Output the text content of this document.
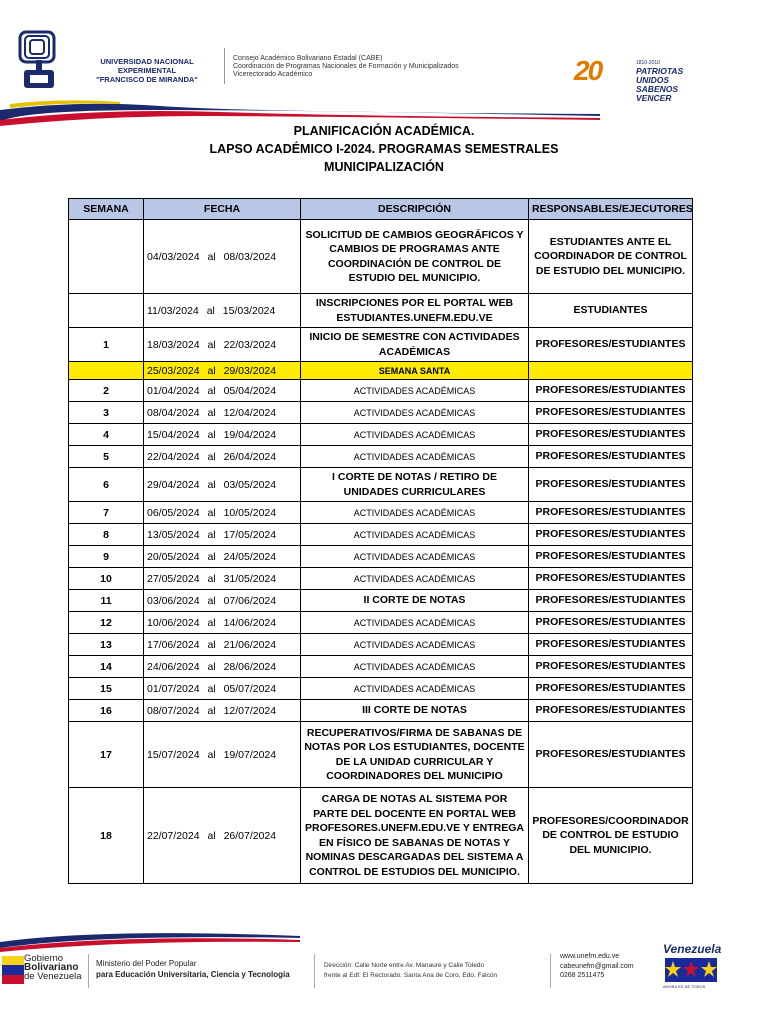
UNIVERSIDAD NACIONAL EXPERIMENTAL
"FRANCISCO DE MIRANDA"
Consejo Académico Bolivariano Estadal (CABE)
Coordinación de Programas Nacionales de Formación y Municipalizados
Vicerectorado Académico	20	1810-2010
PATRIOTAS UNIDOS
SABENOS VENCER
PLANIFICACIÓN ACADÉMICA.
LAPSO ACADÉMICO I-2024. PROGRAMAS SEMESTRALES
MUNICIPALIZACIÓN
SEMANA	FECHA	DESCRIPCIÓN	RESPONSABLES/EJECUTORES
	04/03/2024 al 08/03/2024	SOLICITUD DE CAMBIOS GEOGRÁFICOS Y CAMBIOS DE PROGRAMAS ANTE COORDINACIÓN DE CONTROL DE ESTUDIO DEL MUNICIPIO.	ESTUDIANTES ANTE EL COORDINADOR DE CONTROL DE ESTUDIO DEL MUNICIPIO.
	11/03/2024 al 15/03/2024	INSCRIPCIONES POR EL PORTAL WEB ESTUDIANTES.UNEFM.EDU.VE	ESTUDIANTES
1	18/03/2024 al 22/03/2024	INICIO DE SEMESTRE CON ACTIVIDADES ACADÉMICAS	PROFESORES/ESTUDIANTES
	25/03/2024 al 29/03/2024	SEMANA SANTA	
2	01/04/2024 al 05/04/2024	ACTIVIDADES ACADÉMICAS	PROFESORES/ESTUDIANTES
3	08/04/2024 al 12/04/2024	ACTIVIDADES ACADÉMICAS	PROFESORES/ESTUDIANTES
4	15/04/2024 al 19/04/2024	ACTIVIDADES ACADÉMICAS	PROFESORES/ESTUDIANTES
5	22/04/2024 al 26/04/2024	ACTIVIDADES ACADÉMICAS	PROFESORES/ESTUDIANTES
6	29/04/2024 al 03/05/2024	I CORTE DE NOTAS / RETIRO DE UNIDADES CURRICULARES	PROFESORES/ESTUDIANTES
7	06/05/2024 al 10/05/2024	ACTIVIDADES ACADÉMICAS	PROFESORES/ESTUDIANTES
8	13/05/2024 al 17/05/2024	ACTIVIDADES ACADÉMICAS	PROFESORES/ESTUDIANTES
9	20/05/2024 al 24/05/2024	ACTIVIDADES ACADÉMICAS	PROFESORES/ESTUDIANTES
10	27/05/2024 al 31/05/2024	ACTIVIDADES ACADÉMICAS	PROFESORES/ESTUDIANTES
11	03/06/2024 al 07/06/2024	II CORTE DE NOTAS	PROFESORES/ESTUDIANTES
12	10/06/2024 al 14/06/2024	ACTIVIDADES ACADÉMICAS	PROFESORES/ESTUDIANTES
13	17/06/2024 al 21/06/2024	ACTIVIDADES ACADÉMICAS	PROFESORES/ESTUDIANTES
14	24/06/2024 al 28/06/2024	ACTIVIDADES ACADÉMICAS	PROFESORES/ESTUDIANTES
15	01/07/2024 al 05/07/2024	ACTIVIDADES ACADÉMICAS	PROFESORES/ESTUDIANTES
16	08/07/2024 al 12/07/2024	III CORTE DE NOTAS	PROFESORES/ESTUDIANTES
17	15/07/2024 al 19/07/2024	RECUPERATIVOS/FIRMA DE SABANAS DE NOTAS POR LOS ESTUDIANTES, DOCENTE DE LA UNIDAD CURRICULAR Y COORDINADORES DEL MUNICIPIO	PROFESORES/ESTUDIANTES
18	22/07/2024 al 26/07/2024	CARGA DE NOTAS AL SISTEMA POR PARTE DEL DOCENTE EN PORTAL WEB PROFESORES.UNEFM.EDU.VE Y ENTREGA EN FÍSICO DE SABANAS DE NOTAS Y NOMINAS DESCARGADAS DEL SISTEMA A CONTROL DE ESTUDIOS DEL MUNICIPIO.	PROFESORES/COORDINADOR DE CONTROL DE ESTUDIO DEL MUNICIPIO.
Gobierno
Bolivariano
de Venezuela
Ministerio del Poder Popular
para Educación Universitaria, Ciencia y Tecnología
Dirección: Calle Norte entre Av. Manaure y Calle Toledo
frente al Edf. El Rectorado. Santa Ana de Coro, Edo. Falcón
www.unefm.edu.ve
cabeunefm@gmail.com
0268 2511475
Venezuela
AHORA ES DE TODOS
